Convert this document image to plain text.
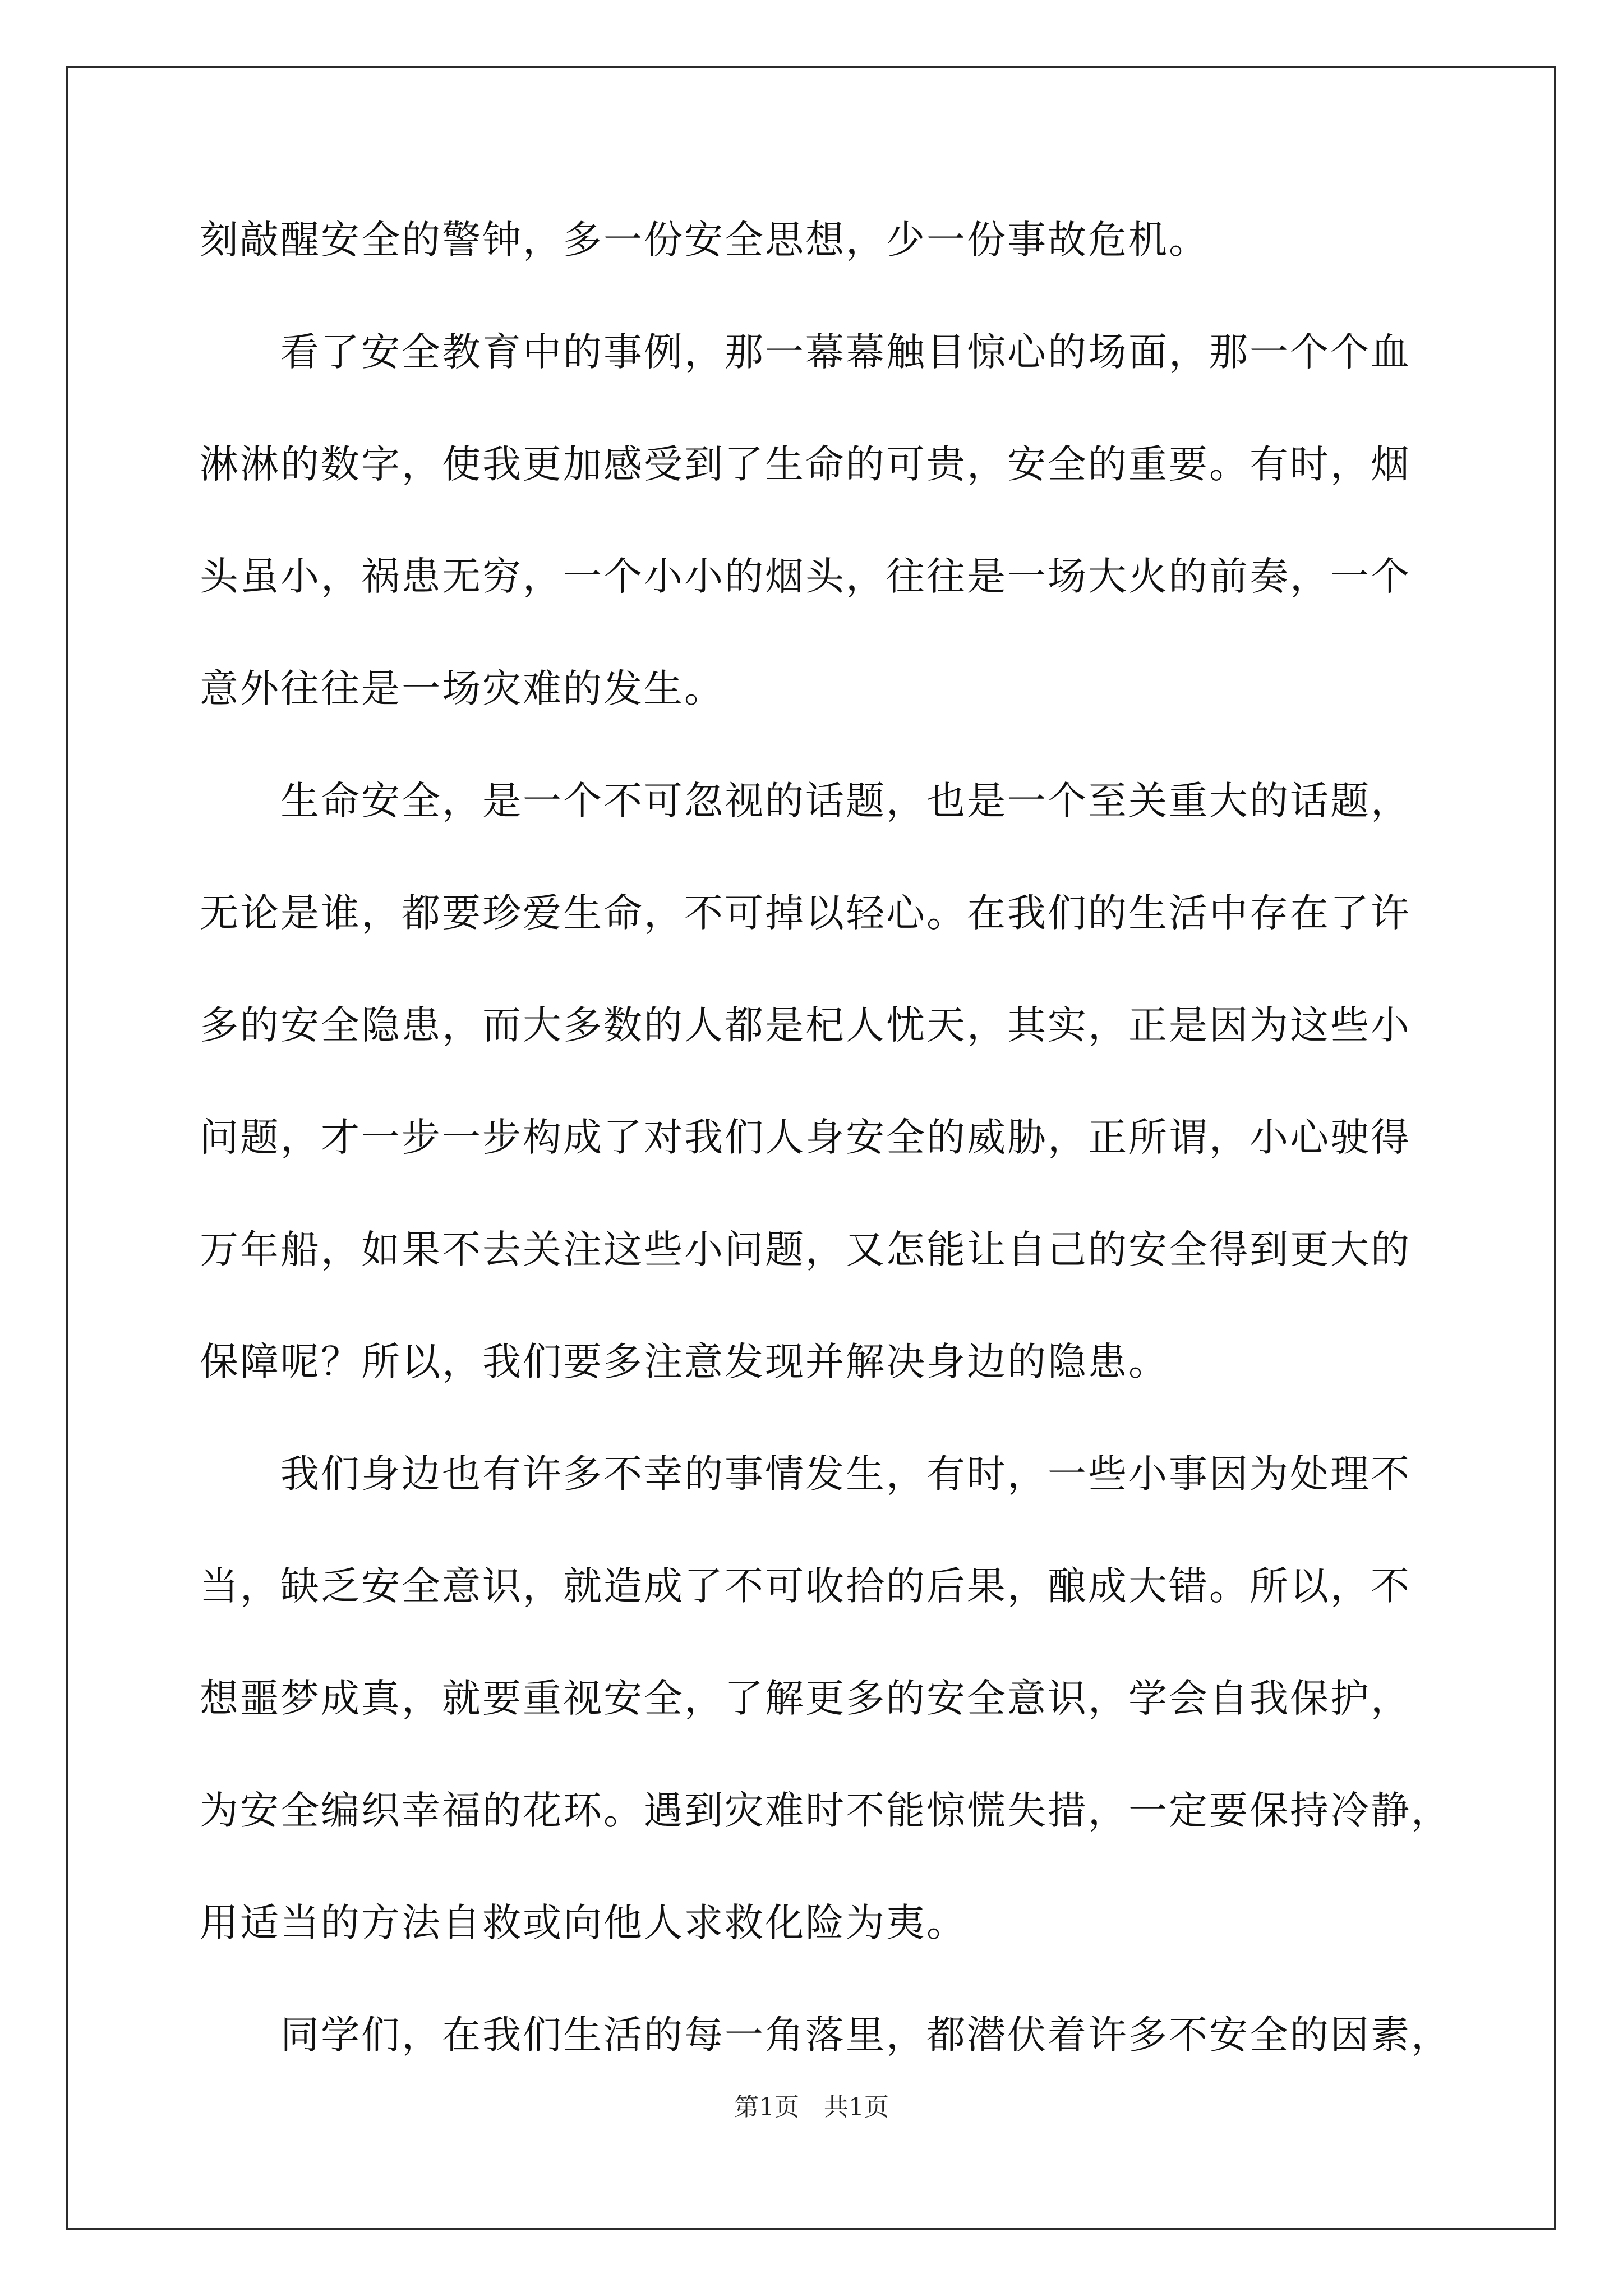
刻敲醒安全的警钟，多一份安全思想，少一份事故危机。
　　看了安全教育中的事例，那一幕幕触目惊心的场面，那一个个血
淋淋的数字，使我更加感受到了生命的可贵，安全的重要。有时，烟
头虽小，祸患无穷，一个小小的烟头，往往是一场大火的前奏，一个
意外往往是一场灾难的发生。
　　生命安全，是一个不可忽视的话题，也是一个至关重大的话题，
无论是谁，都要珍爱生命，不可掉以轻心。在我们的生活中存在了许
多的安全隐患，而大多数的人都是杞人忧天，其实，正是因为这些小
问题，才一步一步构成了对我们人身安全的威胁，正所谓，小心驶得
万年船，如果不去关注这些小问题，又怎能让自己的安全得到更大的
保障呢？所以，我们要多注意发现并解决身边的隐患。
　　我们身边也有许多不幸的事情发生，有时，一些小事因为处理不
当，缺乏安全意识，就造成了不可收拾的后果，酿成大错。所以，不
想噩梦成真，就要重视安全，了解更多的安全意识，学会自我保护，
为安全编织幸福的花环。遇到灾难时不能惊慌失措，一定要保持冷静，
用适当的方法自救或向他人求救化险为夷。
　　同学们，在我们生活的每一角落里，都潜伏着许多不安全的因素，
第1页　共1页
